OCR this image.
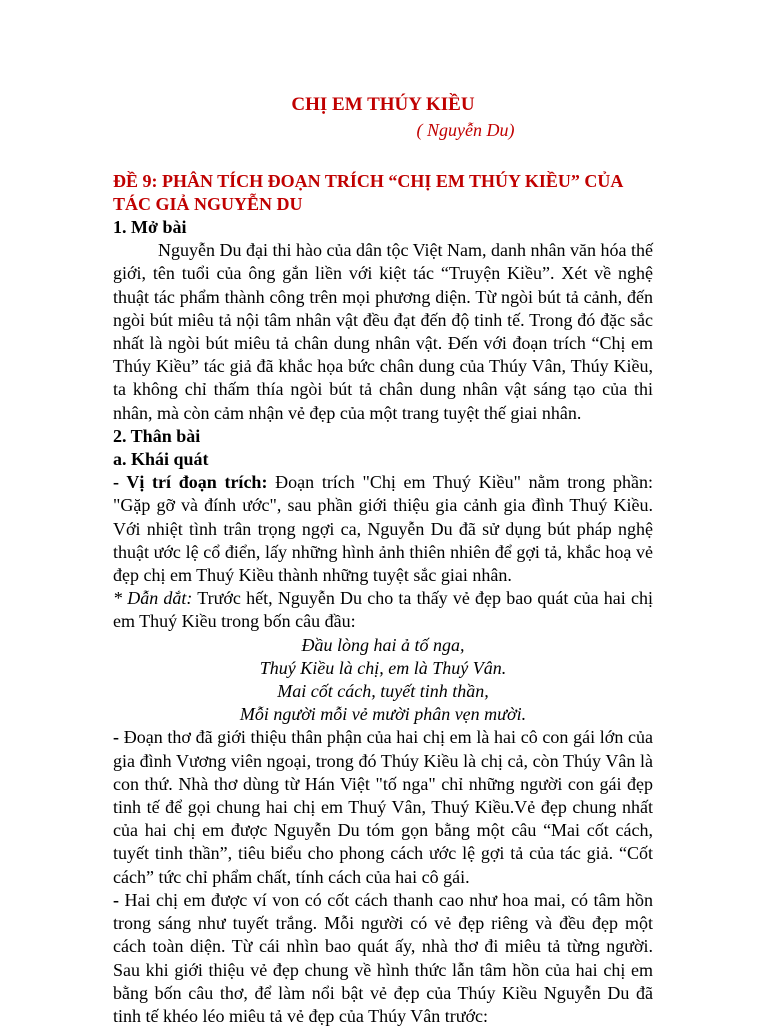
CHỊ EM THÚY KIỀU
( Nguyễn Du)
ĐỀ 9: PHÂN TÍCH ĐOẠN TRÍCH “CHỊ EM THÚY KIỀU” CỦA TÁC GIẢ NGUYỄN DU
1. Mở bài

Nguyễn Du đại thi hào của dân tộc Việt Nam, danh nhân văn hóa thế giới, tên tuổi của ông gắn liền với kiệt tác “Truyện Kiều”. Xét về nghệ thuật tác phẩm thành công trên mọi phương diện. Từ ngòi bút tả cảnh, đến ngòi bút miêu tả nội tâm nhân vật đều đạt đến độ tinh tế. Trong đó đặc sắc nhất là ngòi bút miêu tả chân dung nhân vật. Đến với đoạn trích “Chị em Thúy Kiều” tác giả đã khắc họa bức chân dung của Thúy Vân, Thúy Kiều, ta không chỉ thấm thía ngòi bút tả chân dung nhân vật sáng tạo của thi nhân, mà còn cảm nhận vẻ đẹp của một trang tuyệt thế giai nhân.

2. Thân bài
a. Khái quát

- Vị trí đoạn trích: Đoạn trích "Chị em Thuý Kiều" nằm trong phần: "Gặp gỡ và đính ước", sau phần giới thiệu gia cảnh gia đình Thuý Kiều. Với nhiệt tình trân trọng ngợi ca, Nguyễn Du đã sử dụng bút pháp nghệ thuật ước lệ cổ điển, lấy những hình ảnh thiên nhiên để gợi tả, khắc hoạ vẻ đẹp chị em Thuý Kiều thành những tuyệt sắc giai nhân.

* Dẫn dắt: Trước hết, Nguyễn Du cho ta thấy vẻ đẹp bao quát của hai chị em Thuý Kiều trong bốn câu đầu:

Đầu lòng hai ả tố nga,
Thuý Kiều là chị, em là Thuý Vân.
Mai cốt cách, tuyết tinh thần,
Mỗi người mỗi vẻ mười phân vẹn mười.

- Đoạn thơ đã giới thiệu thân phận của hai chị em là hai cô con gái lớn của gia đình Vương viên ngoại, trong đó Thúy Kiều là chị cả, còn Thúy Vân là con thứ. Nhà thơ dùng từ Hán Việt "tố nga" chỉ những người con gái đẹp tinh tế để gọi chung hai chị em Thuý Vân, Thuý Kiều.Vẻ đẹp chung nhất của hai chị em được Nguyễn Du tóm gọn bằng một câu “Mai cốt cách, tuyết tinh thần”, tiêu biểu cho phong cách ước lệ gợi tả của tác giả. “Cốt cách” tức chỉ phẩm chất, tính cách của hai cô gái.

- Hai chị em được ví von có cốt cách thanh cao như hoa mai, có tâm hồn trong sáng như tuyết trắng. Mỗi người có vẻ đẹp riêng và đều đẹp một cách toàn diện. Từ cái nhìn bao quát ấy, nhà thơ đi miêu tả từng người. Sau khi giới thiệu vẻ đẹp chung về hình thức lẫn tâm hồn của hai chị em bằng bốn câu thơ, để làm nổi bật vẻ đẹp của Thúy Kiều Nguyễn Du đã tinh tế khéo léo miêu tả vẻ đẹp của Thúy Vân trước:
